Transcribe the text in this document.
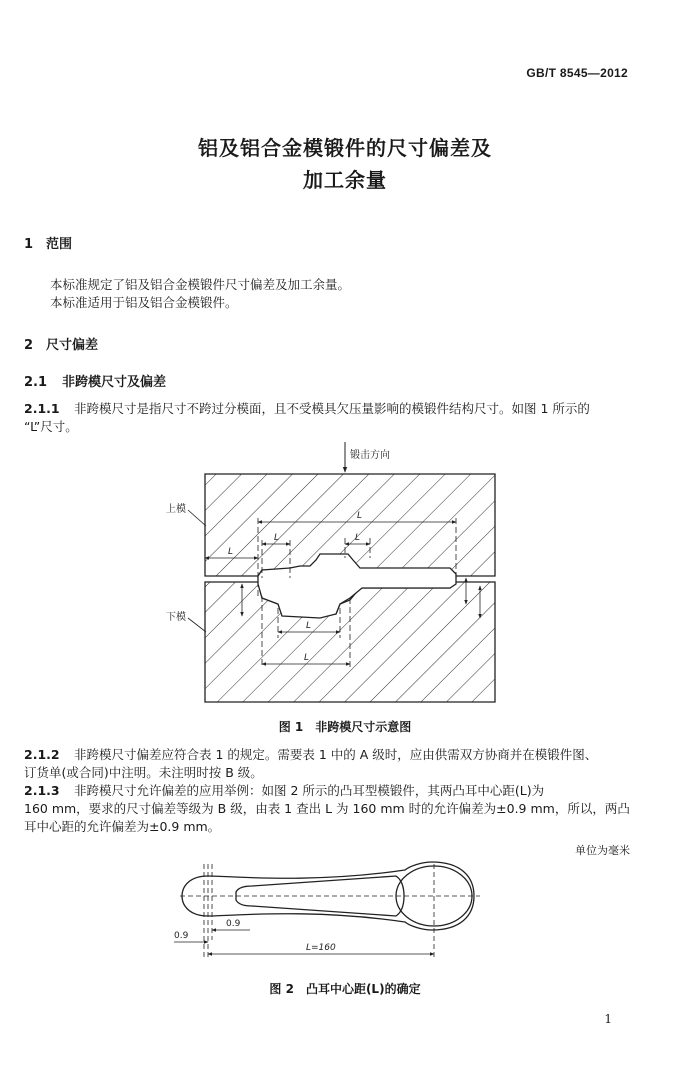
GB/T 8545—2012
铝及铝合金模锻件的尺寸偏差及
加工余量
1 范围
本标准规定了铝及铝合金模锻件尺寸偏差及加工余量。
本标准适用于铝及铝合金模锻件。
2 尺寸偏差
2.1 非跨模尺寸及偏差
2.1.1 非跨模尺寸是指尺寸不跨过分模面，且不受模具欠压量影响的模锻件结构尺寸。如图 1 所示的
“L”尺寸。
锻击方向
上模
下模
L
L	L
L
L
L
图 1　非跨模尺寸示意图
2.1.2 非跨模尺寸偏差应符合表 1 的规定。需要表 1 中的 A 级时，应由供需双方协商并在模锻件图、
订货单(或合同)中注明。未注明时按 B 级。
2.1.3 非跨模尺寸允许偏差的应用举例：如图 2 所示的凸耳型模锻件，其两凸耳中心距(L)为
160 mm，要求的尺寸偏差等级为 B 级，由表 1 查出 L 为 160 mm 时的允许偏差为±0.9 mm，所以，两凸
耳中心距的允许偏差为±0.9 mm。
单位为毫米
0.9
0.9
L=160
图 2　凸耳中心距(L)的确定
1
